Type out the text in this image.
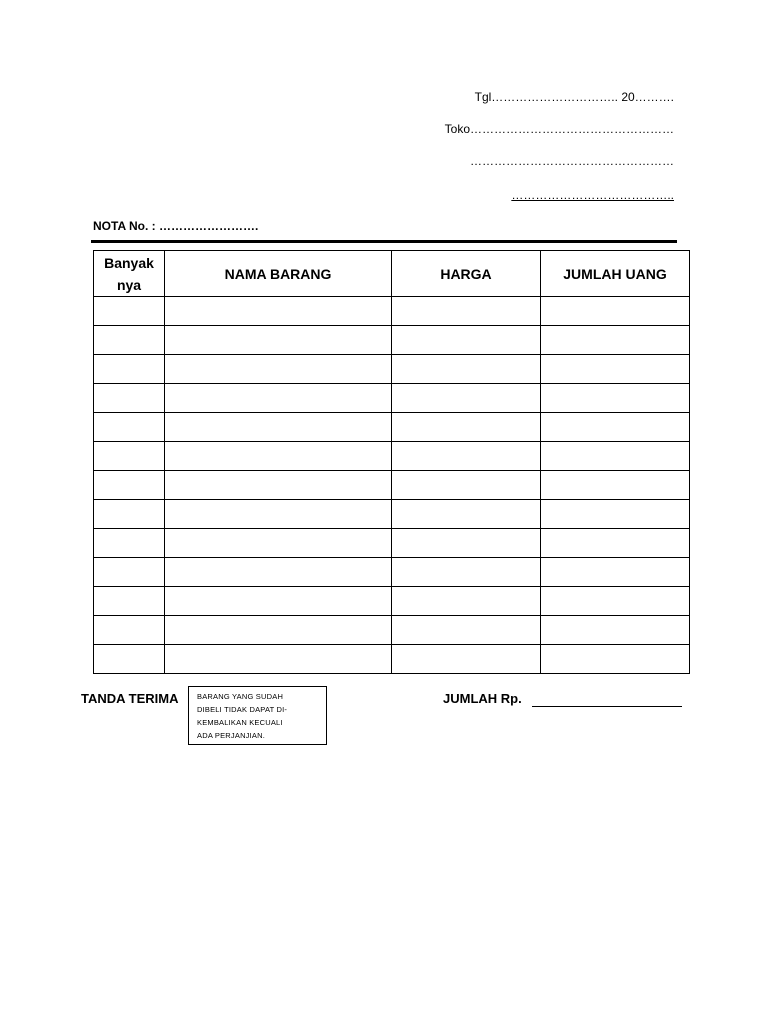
Tgl………………………….. 20……….
Toko……………………………………………
……………………………………………
…………………………………..
NOTA No. : …………………….
Banyak
nya	NAMA BARANG	HARGA	JUMLAH UANG

TANDA TERIMA BARANG YANG SUDAH
DIBELI TIDAK DAPAT DI-
KEMBALIKAN KECUALI
ADA PERJANJIAN.
JUMLAH Rp.
